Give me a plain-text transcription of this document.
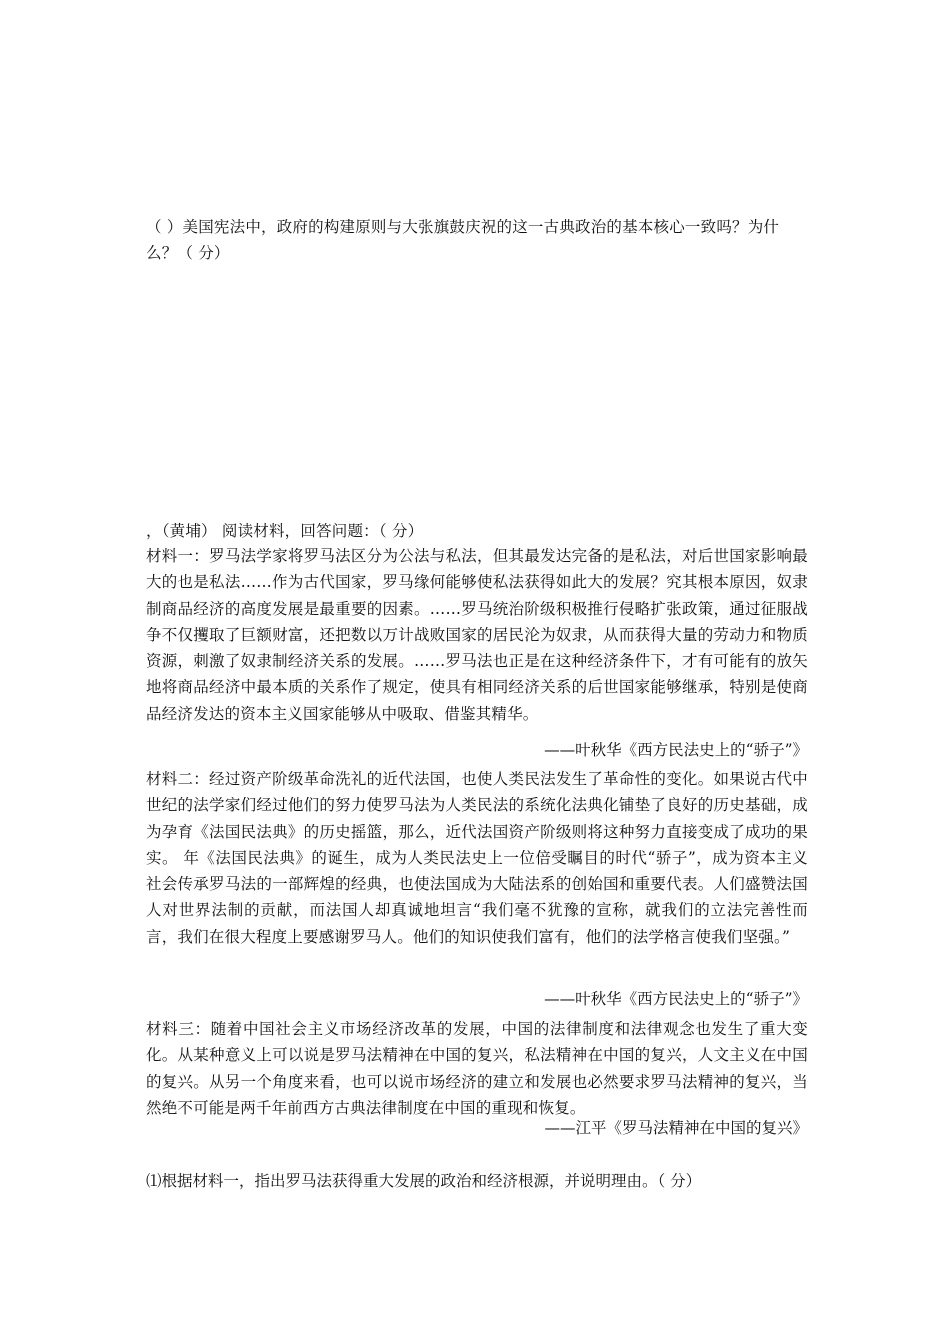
（ ）美国宪法中，政府的构建原则与大张旗鼓庆祝的这一古典政治的基本核心一致吗？为什么？（ 分）
，（黄埔） 阅读材料，回答问题：（ 分）
材料一：罗马法学家将罗马法区分为公法与私法，但其最发达完备的是私法，对后世国家影响最大的也是私法……作为古代国家，罗马缘何能够使私法获得如此大的发展？究其根本原因，奴隶制商品经济的高度发展是最重要的因素。……罗马统治阶级积极推行侵略扩张政策，通过征服战争不仅攫取了巨额财富，还把数以万计战败国家的居民沦为奴隶，从而获得大量的劳动力和物质资源，刺激了奴隶制经济关系的发展。……罗马法也正是在这种经济条件下，才有可能有的放矢地将商品经济中最本质的关系作了规定，使具有相同经济关系的后世国家能够继承，特别是使商品经济发达的资本主义国家能够从中吸取、借鉴其精华。
——叶秋华《西方民法史上的“骄子”》
材料二：经过资产阶级革命洗礼的近代法国，也使人类民法发生了革命性的变化。如果说古代中世纪的法学家们经过他们的努力使罗马法为人类民法的系统化法典化铺垫了良好的历史基础，成为孕育《法国民法典》的历史摇篮，那么，近代法国资产阶级则将这种努力直接变成了成功的果实。 年《法国民法典》的诞生，成为人类民法史上一位倍受瞩目的时代“骄子”，成为资本主义社会传承罗马法的一部辉煌的经典，也使法国成为大陆法系的创始国和重要代表。人们盛赞法国人对世界法制的贡献，而法国人却真诚地坦言“我们毫不犹豫的宣称，就我们的立法完善性而言，我们在很大程度上要感谢罗马人。他们的知识使我们富有，他们的法学格言使我们坚强。”
——叶秋华《西方民法史上的“骄子”》
材料三：随着中国社会主义市场经济改革的发展，中国的法律制度和法律观念也发生了重大变化。从某种意义上可以说是罗马法精神在中国的复兴，私法精神在中国的复兴，人文主义在中国的复兴。从另一个角度来看，也可以说市场经济的建立和发展也必然要求罗马法精神的复兴，当然绝不可能是两千年前西方古典法律制度在中国的重现和恢复。
——江平《罗马法精神在中国的复兴》
⑴根据材料一，指出罗马法获得重大发展的政治和经济根源，并说明理由。（ 分）
